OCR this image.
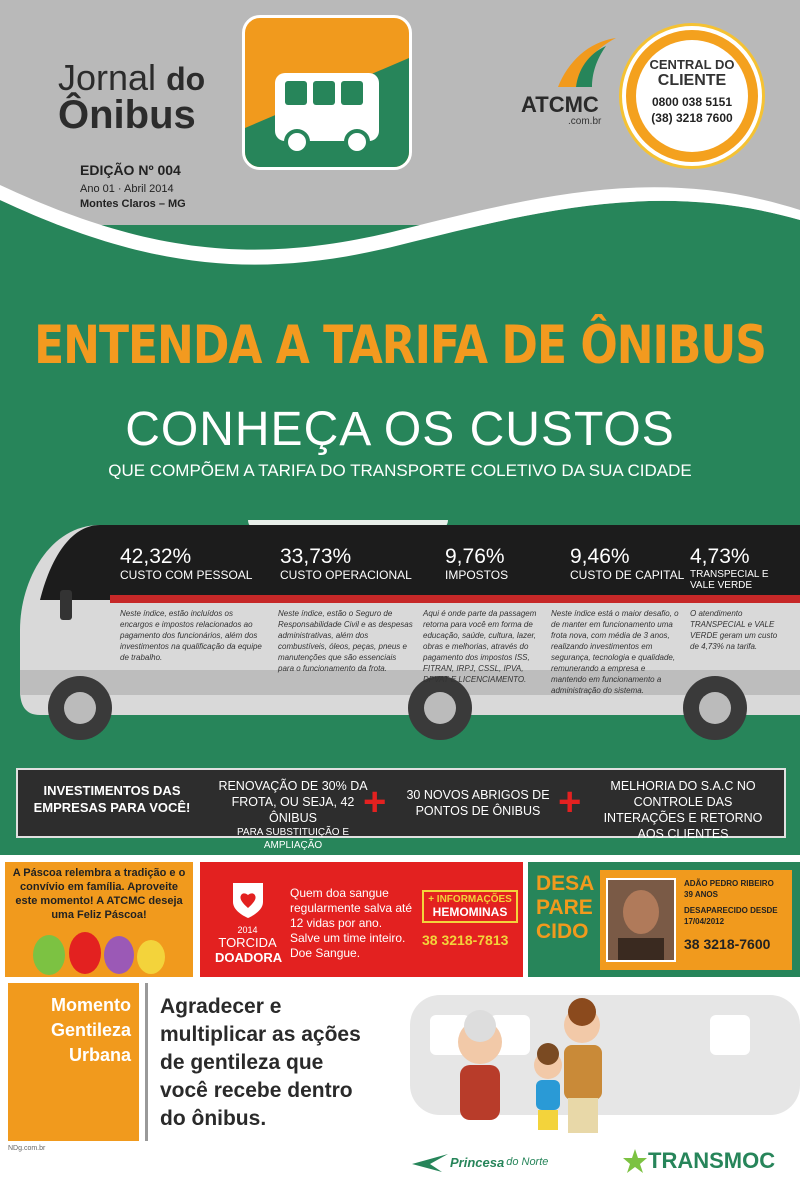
Jornal do
Ônibus
EDIÇÃO Nº 004
Ano 01 · Abril 2014
Montes Claros – MG
ATCMC
.com.br
CENTRAL DO
CLIENTE
0800 038 5151
(38) 3218 7600
ENTENDA A TARIFA DE ÔNIBUS
CONHEÇA OS CUSTOS
QUE COMPÕEM A TARIFA DO TRANSPORTE COLETIVO DA SUA CIDADE
42,32%
CUSTO COM PESSOAL
Neste índice, estão incluídos os encargos e impostos relacionados ao pagamento dos funcionários, além dos investimentos na qualificação da equipe de trabalho.
33,73%
CUSTO OPERACIONAL
Neste índice, estão o Seguro de Responsabilidade Civil e as despesas administrativas, além dos combustíveis, óleos, peças, pneus e manutenções que são essenciais para o funcionamento da frota.
9,76%
IMPOSTOS
Aqui é onde parte da passagem retorna para você em forma de educação, saúde, cultura, lazer, obras e melhorias, através do pagamento dos impostos ISS, FITRAN, IRPJ, CSSL, IPVA, DPVAT E LICENCIAMENTO.
9,46%
CUSTO DE CAPITAL
Neste índice está o maior desafio, o de manter em funcionamento uma frota nova, com média de 3 anos, realizando investimentos em segurança, tecnologia e qualidade, remunerando a empresa e mantendo em funcionamento a administração do sistema.
4,73%
TRANSPECIAL E VALE VERDE
O atendimento TRANSPECIAL e VALE VERDE geram um custo de 4,73% na tarifa.
INVESTIMENTOS DAS EMPRESAS PARA VOCÊ!
RENOVAÇÃO DE 30% DA
FROTA, OU SEJA, 42 ÔNIBUS
PARA SUBSTITUIÇÃO E AMPLIAÇÃO
+ 30 NOVOS ABRIGOS DE PONTOS DE ÔNIBUS +	MELHORIA DO S.A.C NO CONTROLE DAS INTERAÇÕES E RETORNO AOS CLIENTES

A Páscoa relembra a tradição e o convívio em família. Aproveite este momento! A ATCMC deseja uma Feliz Páscoa!

2014
TORCIDA
DOADORA
Quem doa sangue regularmente salva até 12 vidas por ano. Salve um time inteiro. Doe Sangue.
+ INFORMAÇÕES
HEMOMINAS
38 3218-7813
DESA
PARE
CIDO
ADÃO PEDRO RIBEIRO
39 ANOS
DESAPARECIDO DESDE 17/04/2012
38 3218-7600
Momento
Gentileza
Urbana
Agradecer e
multiplicar as ações
de gentileza que
você recebe dentro
do ônibus.
NDg.com.br
Princesa do Norte	TRANS MOC
